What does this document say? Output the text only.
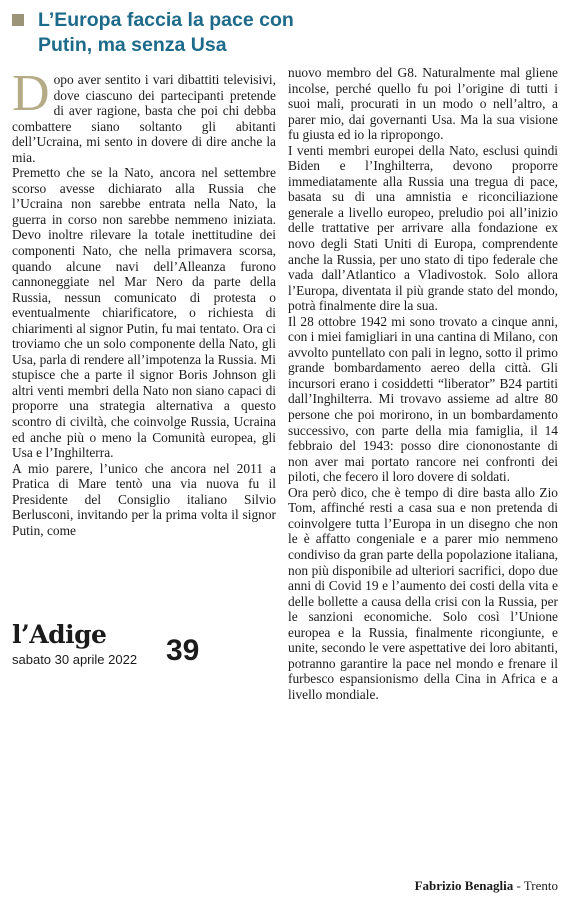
L’Europa faccia la pace con Putin, ma senza Usa
D opo aver sentito i vari dibattiti televisivi, dove ciascuno dei partecipanti pretende di aver ragione, basta che poi chi debba combattere siano soltanto gli abitanti dell’Ucraina, mi sento in dovere di dire anche la mia.

Premetto che se la Nato, ancora nel settembre scorso avesse dichiarato alla Russia che l’Ucraina non sarebbe entrata nella Nato, la guerra in corso non sarebbe nemmeno iniziata. Devo inoltre rilevare la totale inettitudine dei componenti Nato, che nella primavera scorsa, quando alcune navi dell’Alleanza furono cannoneggiate nel Mar Nero da parte della Russia, nessun comunicato di protesta o eventualmente chiarificatore, o richiesta di chiarimenti al signor Putin, fu mai tentato. Ora ci troviamo che un solo componente della Nato, gli Usa, parla di rendere all’impotenza la Russia. Mi stupisce che a parte il signor Boris Johnson gli altri venti membri della Nato non siano capaci di proporre una strategia alternativa a questo scontro di civiltà, che coinvolge Russia, Ucraina ed anche più o meno la Comunità europea, gli Usa e l’Inghilterra.

A mio parere, l’unico che ancora nel 2011 a Pratica di Mare tentò una via nuova fu il Presidente del Consiglio italiano Silvio Berlusconi, invitando per la prima volta il signor Putin, come

l’Adige
sabato 30 aprile 2022 39

nuovo membro del G8. Naturalmente mal gliene incolse, perché quello fu poi l’origine di tutti i suoi mali, procurati in un modo o nell’altro, a parer mio, dai governanti Usa. Ma la sua visione fu giusta ed io la ripropongo.

I venti membri europei della Nato, esclusi quindi Biden e l’Inghilterra, devono proporre immediatamente alla Russia una tregua di pace, basata su di una amnistia e riconciliazione generale a livello europeo, preludio poi all’inizio delle trattative per arrivare alla fondazione ex novo degli Stati Uniti di Europa, comprendente anche la Russia, per uno stato di tipo federale che vada dall’Atlantico a Vladivostok. Solo allora l’Europa, diventata il più grande stato del mondo, potrà finalmente dire la sua.

Il 28 ottobre 1942 mi sono trovato a cinque anni, con i miei famigliari in una cantina di Milano, con avvolto puntellato con pali in legno, sotto il primo grande bombardamento aereo della città. Gli incursori erano i cosiddetti “liberator” B24 partiti dall’Inghilterra. Mi trovavo assieme ad altre 80 persone che poi morirono, in un bombardamento successivo, con parte della mia famiglia, il 14 febbraio del 1943: posso dire ciononostante di non aver mai portato rancore nei confronti dei piloti, che fecero il loro dovere di soldati.

Ora però dico, che è tempo di dire basta allo Zio Tom, affinché resti a casa sua e non pretenda di coinvolgere tutta l’Europa in un disegno che non le è affatto congeniale e a parer mio nemmeno condiviso da gran parte della popolazione italiana, non più disponibile ad ulteriori sacrifici, dopo due anni di Covid 19 e l’aumento dei costi della vita e delle bollette a causa della crisi con la Russia, per le sanzioni economiche. Solo così l’Unione europea e la Russia, finalmente ricongiunte, e unite, secondo le vere aspettative dei loro abitanti, potranno garantire la pace nel mondo e frenare il furbesco espansionismo della Cina in Africa e a livello mondiale.

Fabrizio Benaglia - Trento
